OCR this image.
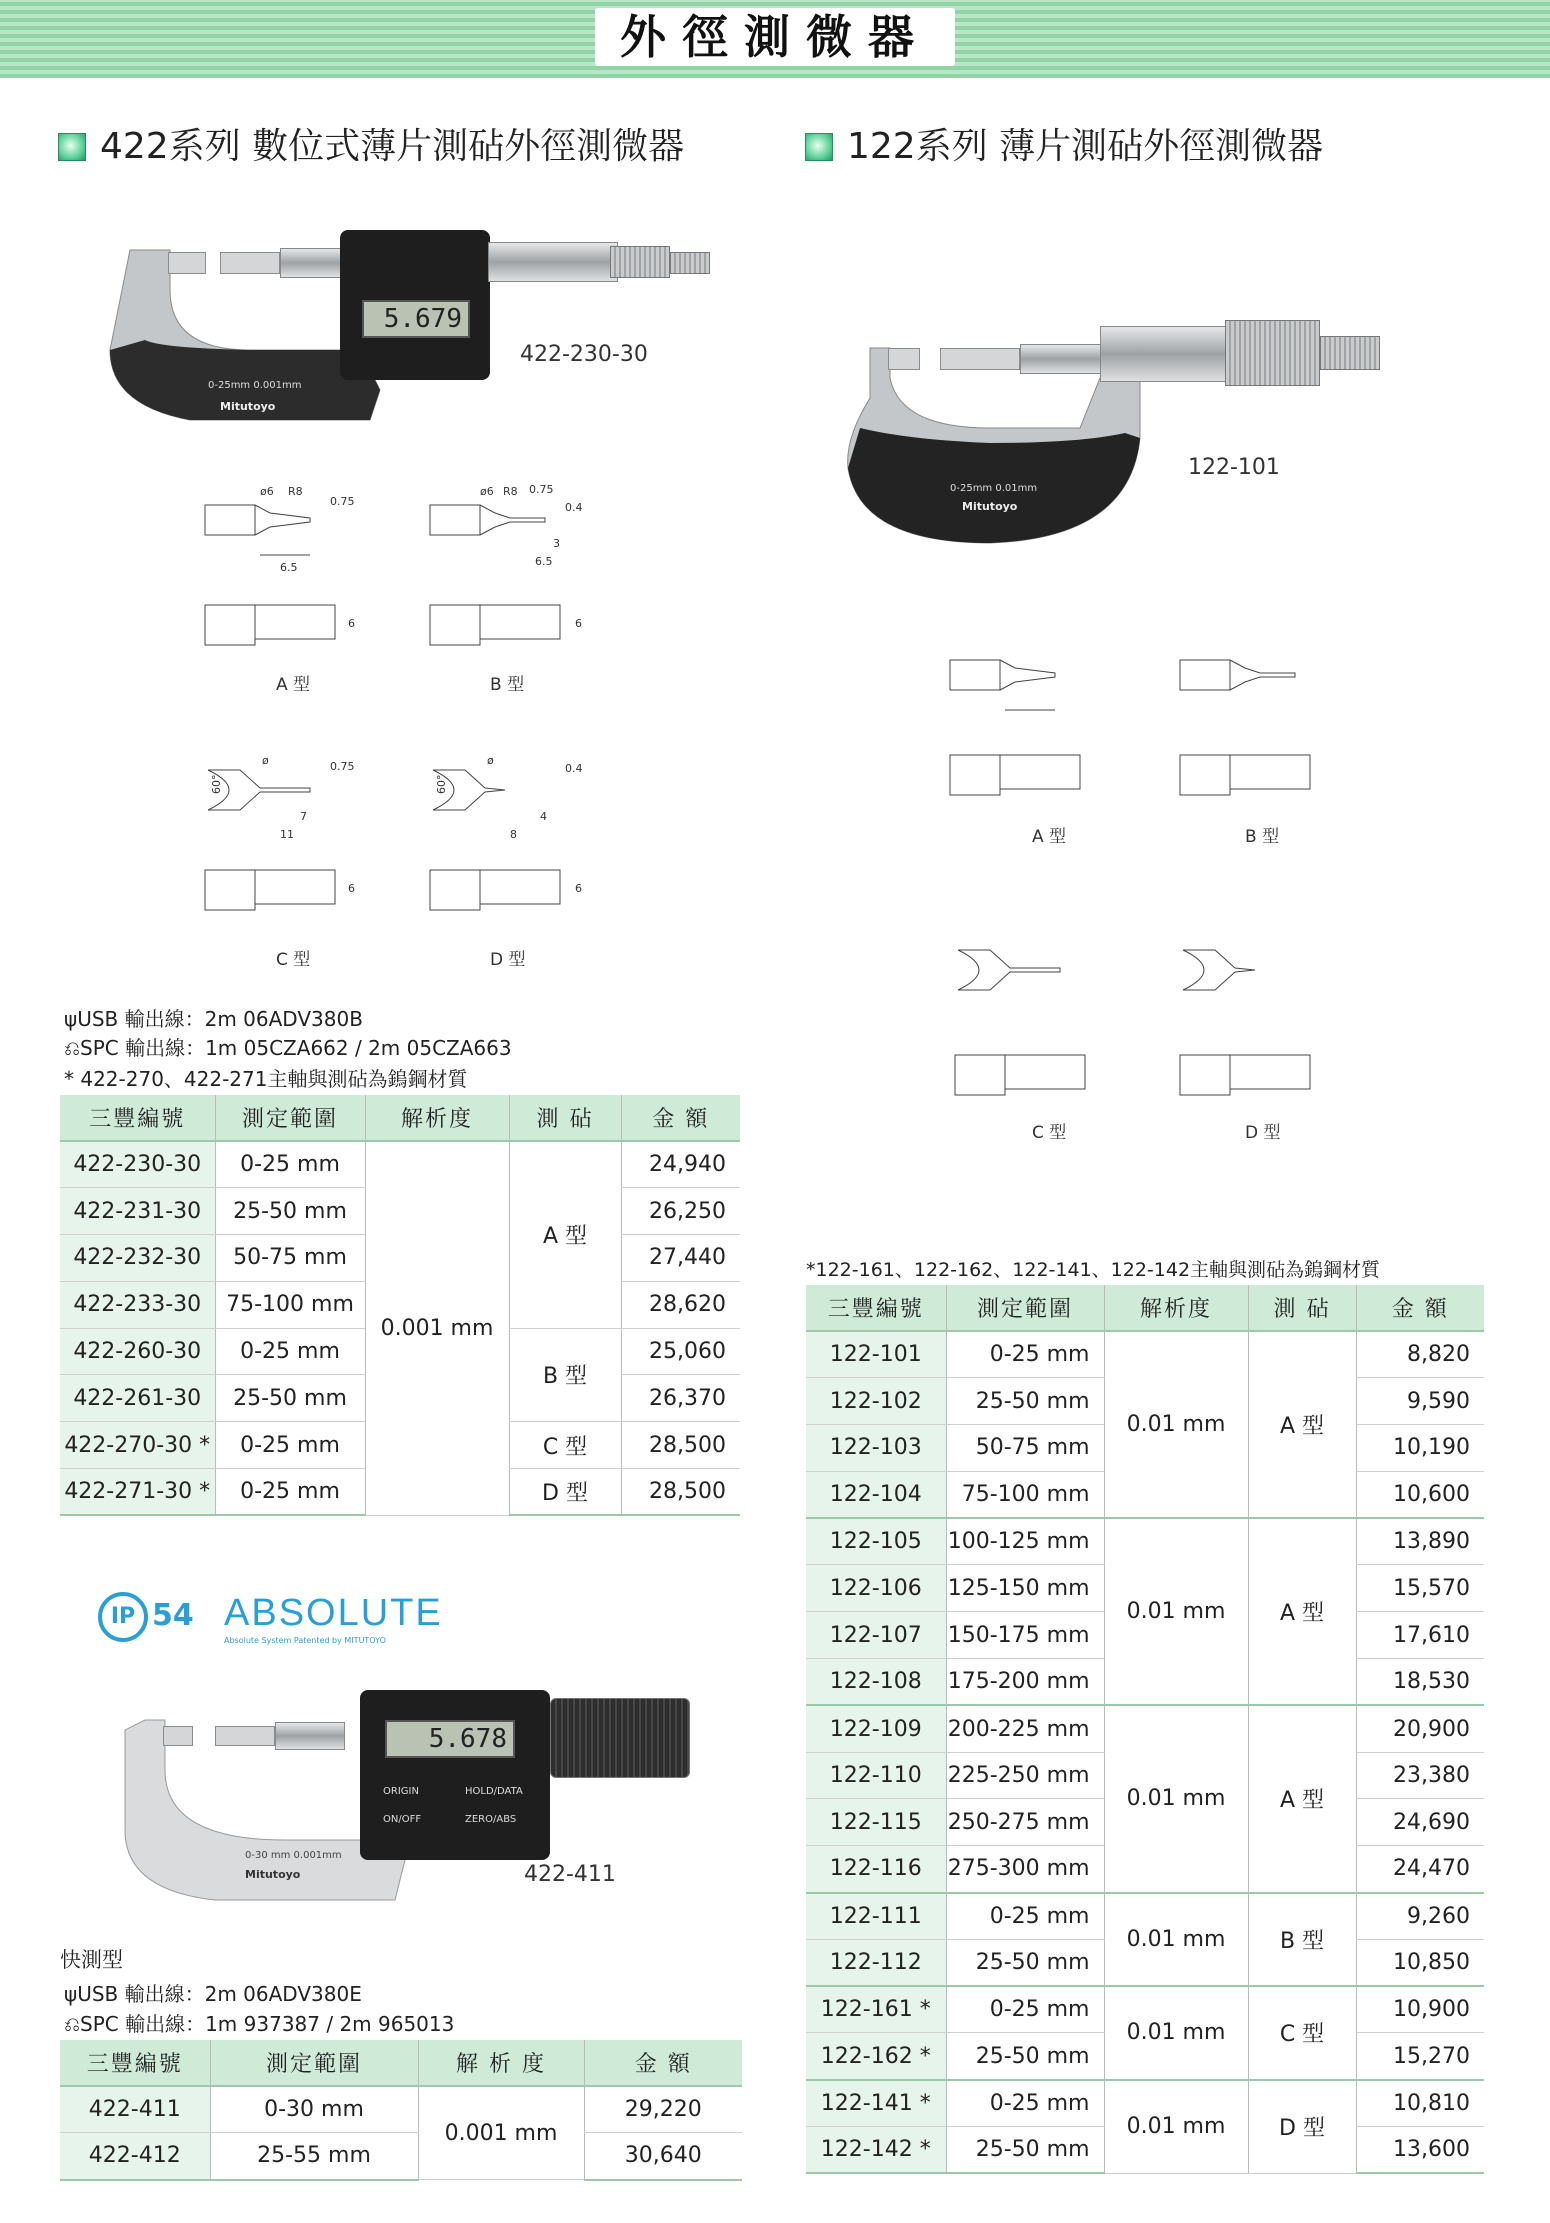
外徑測微器
422系列 數位式薄片測砧外徑測微器	122系列 薄片測砧外徑測微器
5.679
0-25mm 0.001mm
Mitutoyo
422-230-30
ø6 R8
0.75
6.5
6
A 型
ø6 R8 0.75
0.4
3
6.5
6
B 型
60°
ø	0.75
7
11
6
C 型
60°
ø
0.4
4
8
6
D 型
ψUSB 輸出線：2m 06ADV380B
⎌SPC 輸出線：1m 05CZA662 / 2m 05CZA663
* 422-270、422-271主軸與測砧為鎢鋼材質
三豐編號	測定範圍	解析度	測 砧	金 額
422-230-30	0-25 mm	0.001 mm	A 型	24,940
422-231-30	25-50 mm			26,250
422-232-30	50-75 mm			27,440
422-233-30	75-100 mm			28,620
422-260-30	0-25 mm		B 型	25,060
422-261-30	25-50 mm			26,370
422-270-30 *	0-25 mm		C 型	28,500
422-271-30 *	0-25 mm		D 型	28,500
IP 54 ABSOLUTE
Absolute System Patented by MITUTOYO
5.678
ORIGIN	HOLD/DATA
ON/OFF	ZERO/ABS
0-30 mm 0.001mm
Mitutoyo	422-411
快測型
ψUSB 輸出線：2m 06ADV380E
⎌SPC 輸出線：1m 937387 / 2m 965013
三豐編號	測定範圍	解 析 度	金 額
422-411	0-30 mm	0.001 mm	29,220
422-412	25-55 mm		30,640
0-25mm 0.01mm
Mitutoyo
122-101
A 型	B 型
C 型	D 型
*122-161、122-162、122-141、122-142主軸與測砧為鎢鋼材質
三豐編號	測定範圍	解析度	測 砧	金 額
122-101	0-25 mm	0.01 mm	A 型	8,820
122-102	25-50 mm			9,590
122-103	50-75 mm			10,190
122-104	75-100 mm			10,600
122-105	100-125 mm	0.01 mm	A 型	13,890
122-106	125-150 mm			15,570
122-107	150-175 mm			17,610
122-108	175-200 mm			18,530
122-109	200-225 mm	0.01 mm	A 型	20,900
122-110	225-250 mm			23,380
122-115	250-275 mm			24,690
122-116	275-300 mm			24,470
122-111	0-25 mm	0.01 mm	B 型	9,260
122-112	25-50 mm			10,850
122-161 *	0-25 mm	0.01 mm	C 型	10,900
122-162 *	25-50 mm			15,270
122-141 *	0-25 mm	0.01 mm	D 型	10,810
122-142 *	25-50 mm			13,600
